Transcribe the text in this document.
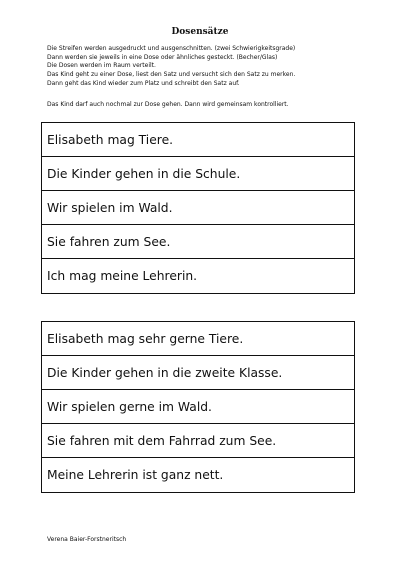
Dosensätze
Die Streifen werden ausgedruckt und ausgenschnitten. (zwei Schwierigkeitsgrade)
Dann werden sie jeweils in eine Dose oder ähnliches gesteckt. (Becher/Glas)
Die Dosen werden im Raum verteilt.
Das Kind geht zu einer Dose, liest den Satz und versucht sich den Satz zu merken.
Dann geht das Kind wieder zum Platz und schreibt den Satz auf.
Das Kind darf auch nochmal zur Dose gehen. Dann wird gemeinsam kontrolliert.
Elisabeth mag Tiere.
Die Kinder gehen in die Schule.
Wir spielen im Wald.
Sie fahren zum See.
Ich mag meine Lehrerin.
Elisabeth mag sehr gerne Tiere.
Die Kinder gehen in die zweite Klasse.
Wir spielen gerne im Wald.
Sie fahren mit dem Fahrrad zum See.
Meine Lehrerin ist ganz nett.
Verena Baier-Forstneritsch
